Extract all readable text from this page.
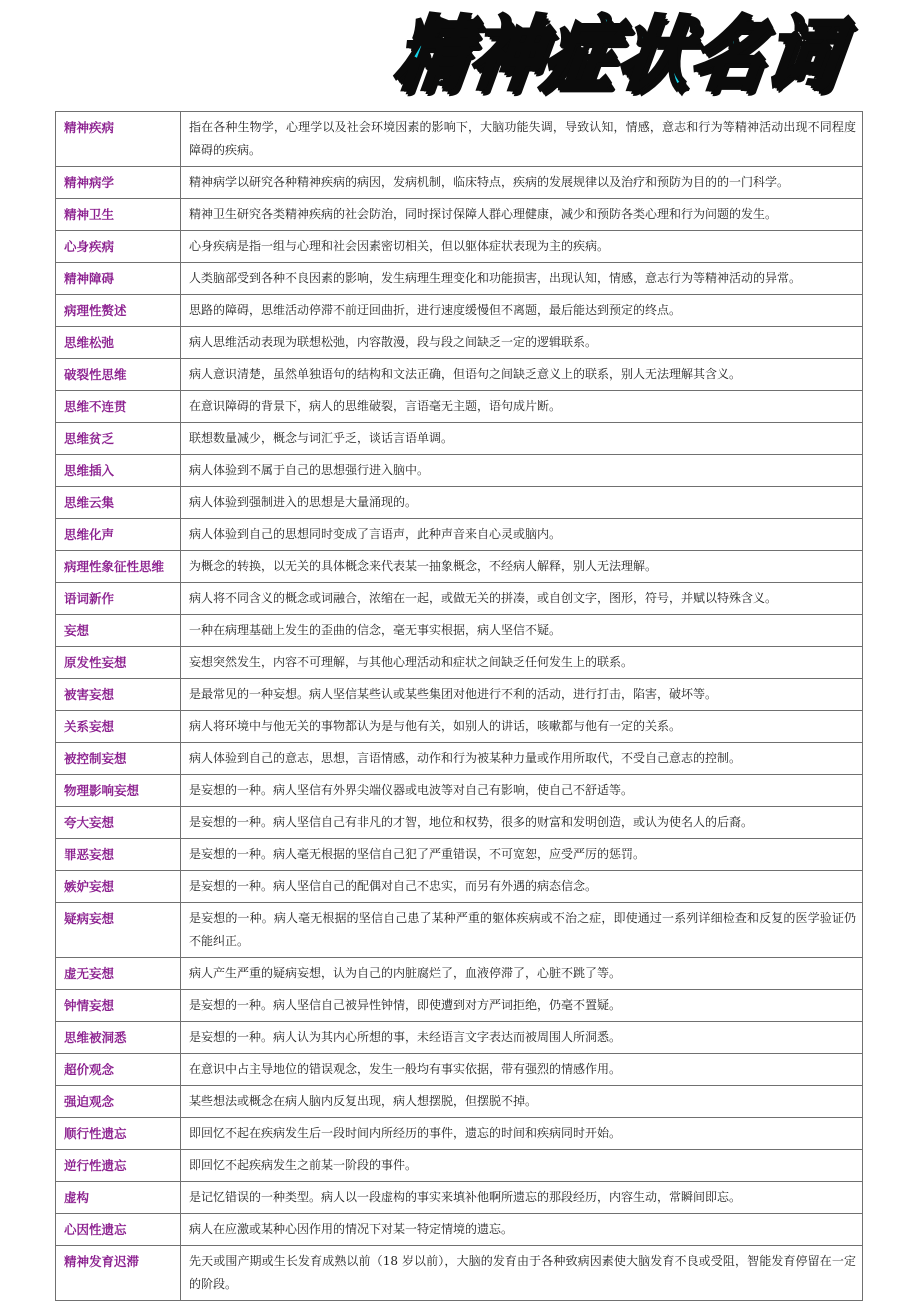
精神症状名词
精神疾病	指在各种生物学，心理学以及社会环境因素的影响下，大脑功能失调，导致认知，情感，意志和行为等精神活动出现不同程度障碍的疾病。
精神病学	精神病学以研究各种精神疾病的病因，发病机制，临床特点，疾病的发展规律以及治疗和预防为目的的一门科学。
精神卫生	精神卫生研究各类精神疾病的社会防治，同时探讨保障人群心理健康，减少和预防各类心理和行为问题的发生。
心身疾病	心身疾病是指一组与心理和社会因素密切相关，但以躯体症状表现为主的疾病。
精神障碍	人类脑部受到各种不良因素的影响，发生病理生理变化和功能损害，出现认知，情感，意志行为等精神活动的异常。
病理性赘述	思路的障碍，思维活动停滞不前迂回曲折，进行速度缓慢但不离题，最后能达到预定的终点。
思维松弛	病人思维活动表现为联想松弛，内容散漫，段与段之间缺乏一定的逻辑联系。
破裂性思维	病人意识清楚，虽然单独语句的结构和文法正确，但语句之间缺乏意义上的联系，别人无法理解其含义。
思维不连贯	在意识障碍的背景下，病人的思维破裂，言语毫无主题，语句成片断。
思维贫乏	联想数量减少，概念与词汇乎乏，谈话言语单调。
思维插入	病人体验到不属于自己的思想强行进入脑中。
思维云集	病人体验到强制进入的思想是大量涌现的。
思维化声	病人体验到自己的思想同时变成了言语声，此种声音来自心灵或脑内。
病理性象征性思维	为概念的转换，以无关的具体概念来代表某一抽象概念，不经病人解释，别人无法理解。
语词新作	病人将不同含义的概念或词融合，浓缩在一起，或做无关的拼凑，或自创文字，图形，符号，并赋以特殊含义。
妄想	一种在病理基础上发生的歪曲的信念，毫无事实根据，病人坚信不疑。
原发性妄想	妄想突然发生，内容不可理解，与其他心理活动和症状之间缺乏任何发生上的联系。
被害妄想	是最常见的一种妄想。病人坚信某些认或某些集团对他进行不利的活动，进行打击，陷害，破坏等。
关系妄想	病人将环境中与他无关的事物都认为是与他有关，如别人的讲话，咳嗽都与他有一定的关系。
被控制妄想	病人体验到自己的意志，思想，言语情感，动作和行为被某种力量或作用所取代，不受自己意志的控制。
物理影响妄想	是妄想的一种。病人坚信有外界尖端仪器或电波等对自己有影响，使自己不舒适等。
夸大妄想	是妄想的一种。病人坚信自己有非凡的才智，地位和权势，很多的财富和发明创造，或认为使名人的后裔。
罪恶妄想	是妄想的一种。病人毫无根据的坚信自己犯了严重错误，不可宽恕，应受严厉的惩罚。
嫉妒妄想	是妄想的一种。病人坚信自己的配偶对自己不忠实，而另有外遇的病态信念。
疑病妄想	是妄想的一种。病人毫无根据的坚信自己患了某种严重的躯体疾病或不治之症，即使通过一系列详细检查和反复的医学验证仍不能纠正。
虚无妄想	病人产生严重的疑病妄想，认为自己的内脏腐烂了，血液停滞了，心脏不跳了等。
钟情妄想	是妄想的一种。病人坚信自己被异性钟情，即使遭到对方严词拒绝，仍毫不置疑。
思维被洞悉	是妄想的一种。病人认为其内心所想的事，未经语言文字表达而被周围人所洞悉。
超价观念	在意识中占主导地位的错误观念，发生一般均有事实依据，带有强烈的情感作用。
强迫观念	某些想法或概念在病人脑内反复出现，病人想摆脱，但摆脱不掉。
顺行性遗忘	即回忆不起在疾病发生后一段时间内所经历的事件，遗忘的时间和疾病同时开始。
逆行性遗忘	即回忆不起疾病发生之前某一阶段的事件。
虚构	是记忆错误的一种类型。病人以一段虚构的事实来填补他啊所遗忘的那段经历，内容生动，常瞬间即忘。
心因性遗忘	病人在应激或某种心因作用的情况下对某一特定情境的遗忘。
精神发育迟滞	先天或围产期或生长发育成熟以前（18 岁以前），大脑的发育由于各种致病因素使大脑发育不良或受阻，智能发育停留在一定的阶段。
